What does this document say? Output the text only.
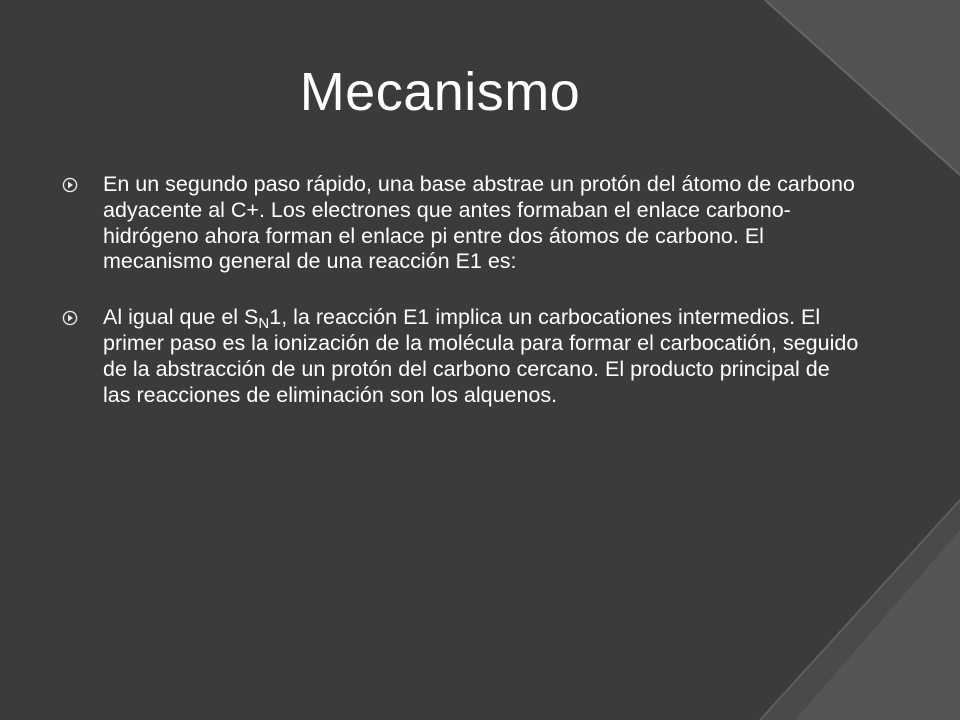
Mecanismo
En un segundo paso rápido, una base abstrae un protón del átomo de carbono adyacente al C+. Los electrones que antes formaban el enlace carbono-hidrógeno ahora forman el enlace pi entre dos átomos de carbono. El mecanismo general de una reacción E1 es:
Al igual que el $S_N1$, la reacción E1 implica un carbocationes intermedios. El primer paso es la ionización de la molécula para formar el carbocatión, seguido de la abstracción de un protón del carbono cercano. El producto principal de las reacciones de eliminación son los alquenos.
